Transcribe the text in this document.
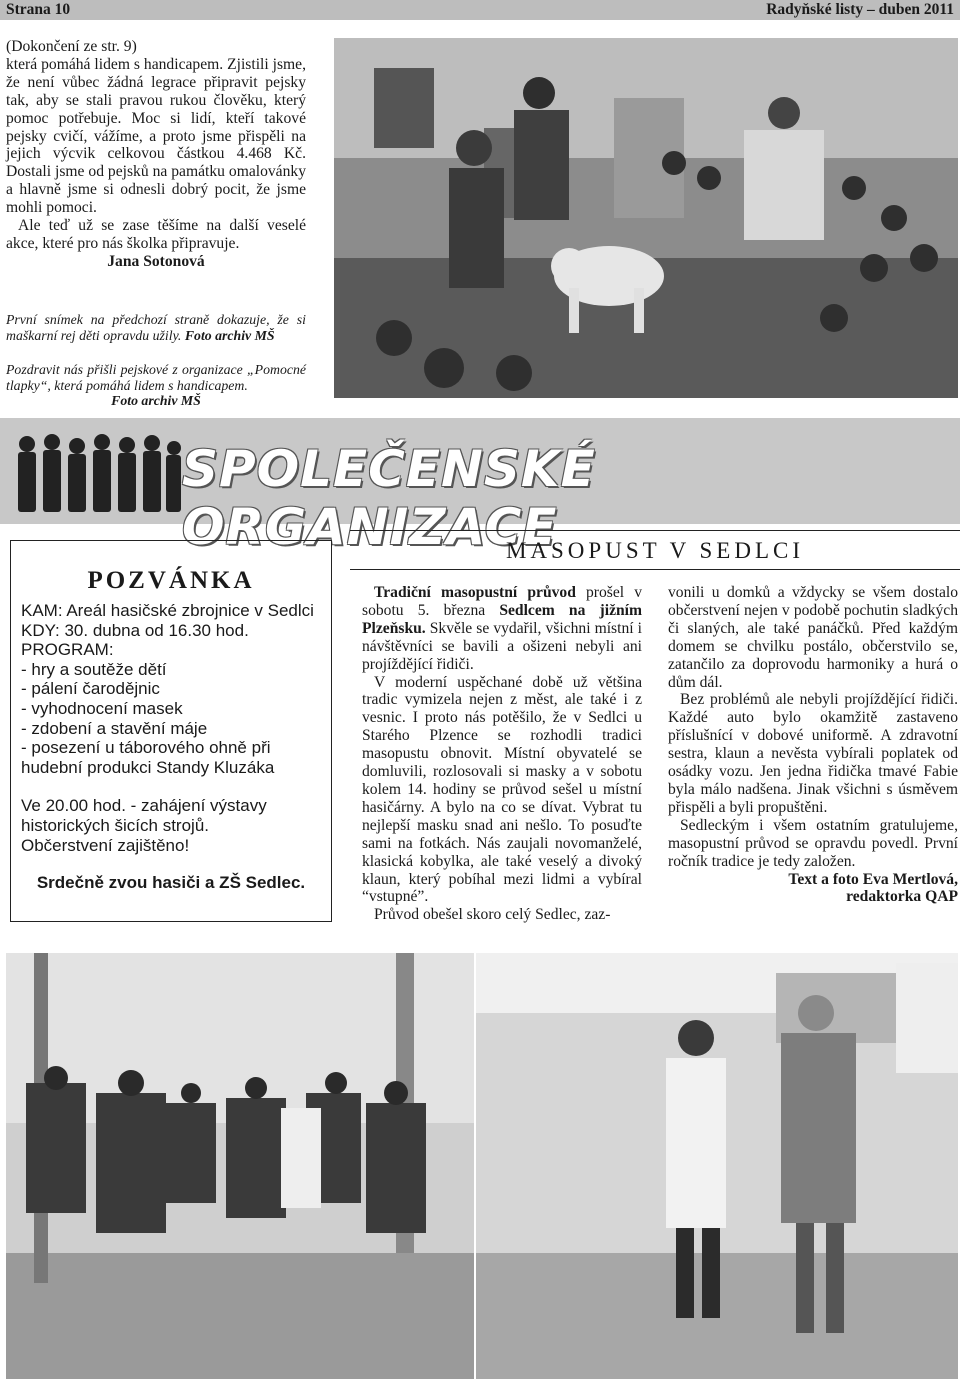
Strana 10	Radyňské listy – duben 2011

(Dokončení ze str. 9)

která pomáhá lidem s handicapem. Zjistili jsme, že není vůbec žádná legrace připravit pejsky tak, aby se stali pravou rukou člověku, který pomoc potřebuje. Moc si lidí, kteří takové pejsky cvičí, vážíme, a proto jsme přispěli na jejich výcvik celkovou částkou 4.468 Kč. Dostali jsme od pejsků na památku omalovánky a hlavně jsme si odnesli dobrý pocit, že jsme mohli pomoci.

Ale teď už se zase těšíme na další veselé akce, které pro nás školka připravuje.

Jana Sotonová

První snímek na předchozí straně dokazuje, že si maškarní rej děti opravdu užily. Foto archiv MŠ
Pozdravit nás přišli pejskové z organizace „Pomocné tlapky“, která pomáhá lidem s handicapem.
Foto archiv MŠ
SPOLEČENSKÉ ORGANIZACE
POZVÁNKA
KAM: Areál hasičské zbrojnice v Sedlci
KDY: 30. dubna od 16.30 hod.
PROGRAM:
- hry a soutěže dětí
- pálení čarodějnic
- vyhodnocení masek
- zdobení a stavění máje
- posezení u táborového ohně při hudební produkci Standy Kluzáka
Ve 20.00 hod. - zahájení výstavy historických šicích strojů.
Občerstvení zajištěno!
Srdečně zvou hasiči a ZŠ Sedlec.
MASOPUST V SEDLCI

Tradiční masopustní průvod prošel v sobotu 5. března Sedlcem na jižním Plzeňsku. Skvěle se vydařil, všichni místní i návštěvníci se bavili a ošizeni nebyli ani projíždějící řidiči.

V moderní uspěchané době už většina tradic vymizela nejen z měst, ale také i z vesnic. I proto nás potěšilo, že v Sedlci u Starého Plzence se rozhodli tradici masopustu obnovit. Místní obyvatelé se domluvili, rozlosovali si masky a v sobotu kolem 14. hodiny se průvod sešel u místní hasičárny. A bylo na co se dívat. Vybrat tu nejlepší masku snad ani nešlo. To posuďte sami na fotkách. Nás zaujali novomanželé, klasická kobylka, ale také veselý a divoký klaun, který pobíhal mezi lidmi a vybíral “vstupné”.

Průvod obešel skoro celý Sedlec, zaz-

vonili u domků a vždycky se všem dostalo občerstvení nejen v podobě pochutin sladkých či slaných, ale také panáčků. Před každým domem se chvilku postálo, občerstvilo se, zatančilo za doprovodu harmoniky a hurá o dům dál.

Bez problémů ale nebyli projíždějící řidiči. Každé auto bylo okamžitě zastaveno příslušnící v dobové uniformě. A zdravotní sestra, klaun a nevěsta vybírali poplatek od osádky vozu. Jen jedna řidička tmavé Fabie byla málo nadšena. Jinak všichni s úsměvem přispěli a byli propuštěni.

Sedleckým i všem ostatním gratulujeme, masopustní průvod se opravdu povedl. První ročník tradice je tedy založen.

Text a foto Eva Mertlová,

redaktorka QAP
